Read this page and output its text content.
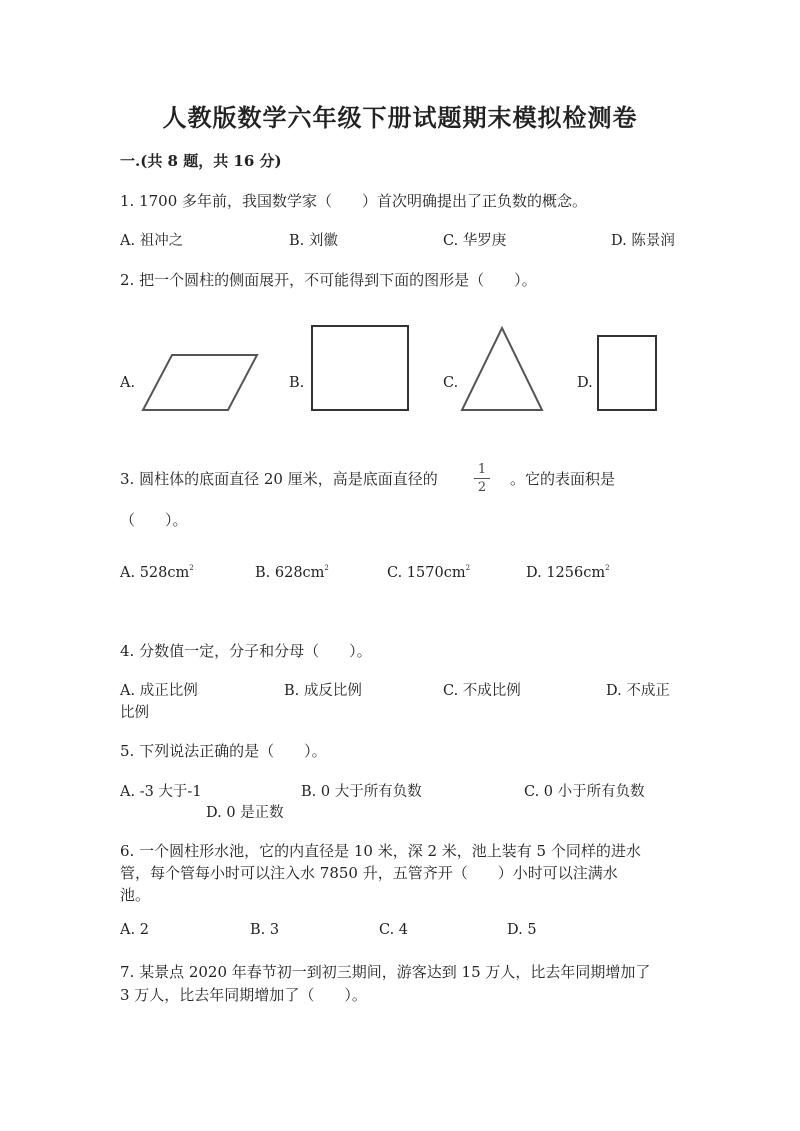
人教版数学六年级下册试题期末模拟检测卷
一.(共 8 题，共 16 分)
1. 1700 多年前，我国数学家（　　）首次明确提出了正负数的概念。
A. 祖冲之	B. 刘徽	C. 华罗庚	D. 陈景润
2. 把一个圆柱的侧面展开，不可能得到下面的图形是（　　）。
A.	B.	C.	D.
3. 圆柱体的底面直径 20 厘米，高是底面直径的
1
2	。它的表面积是
（　　）。
A. $528cm^2$	B. $628cm^2$	C. $1570cm^2$	D. $1256cm^2$
4. 分数值一定，分子和分母（　　）。
A. 成正比例	B. 成反比例	C. 不成比例	D. 不成正
比例
5. 下列说法正确的是（　　）。
A. -3 大于-1	B. 0 大于所有负数	C. 0 小于所有负数
D. 0 是正数
6. 一个圆柱形水池，它的内直径是 10 米，深 2 米，池上装有 5 个同样的进水
管，每个管每小时可以注入水 7850 升，五管齐开（　　）小时可以注满水
池。
A. 2	B. 3	C. 4	D. 5
7. 某景点 2020 年春节初一到初三期间，游客达到 15 万人，比去年同期增加了
3 万人，比去年同期增加了（　　）。
